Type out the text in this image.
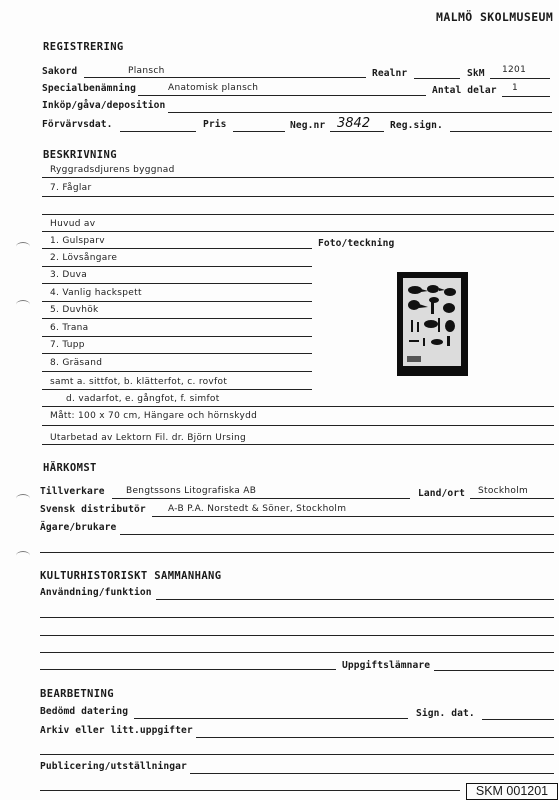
MALMÖ SKOLMUSEUM
REGISTRERING
Sakord	Plansch	Realnr	SkM 1201
Specialbenämning	Anatomisk plansch	Antal delar 1
Inköp/gåva/deposition
Förvärvsdat.	Pris	Neg.nr 3842 Reg.sign.
BESKRIVNING
Ryggradsdjurens byggnad
7. Fåglar
Huvud av
1. Gulsparv	Foto/teckning
2. Lövsångare
3. Duva
4. Vanlig hackspett
5. Duvhök
6. Trana
7. Tupp
8. Gräsand
samt a. sittfot, b. klätterfot, c. rovfot
d. vadarfot, e. gångfot, f. simfot
Mått: 100 x 70 cm, Hängare och hörnskydd
Utarbetad av Lektorn Fil. dr. Björn Ursing
HÄRKOMST
Tillverkare Bengtssons Litografiska AB	Land/ort Stockholm
Svensk distributör A-B P.A. Norstedt & Söner, Stockholm
Ägare/brukare
KULTURHISTORISKT SAMMANHANG
Användning/funktion
Uppgiftslämnare
BEARBETNING
Bedömd datering	Sign. dat.
Arkiv eller litt.uppgifter
Publicering/utställningar
SKM 001201
